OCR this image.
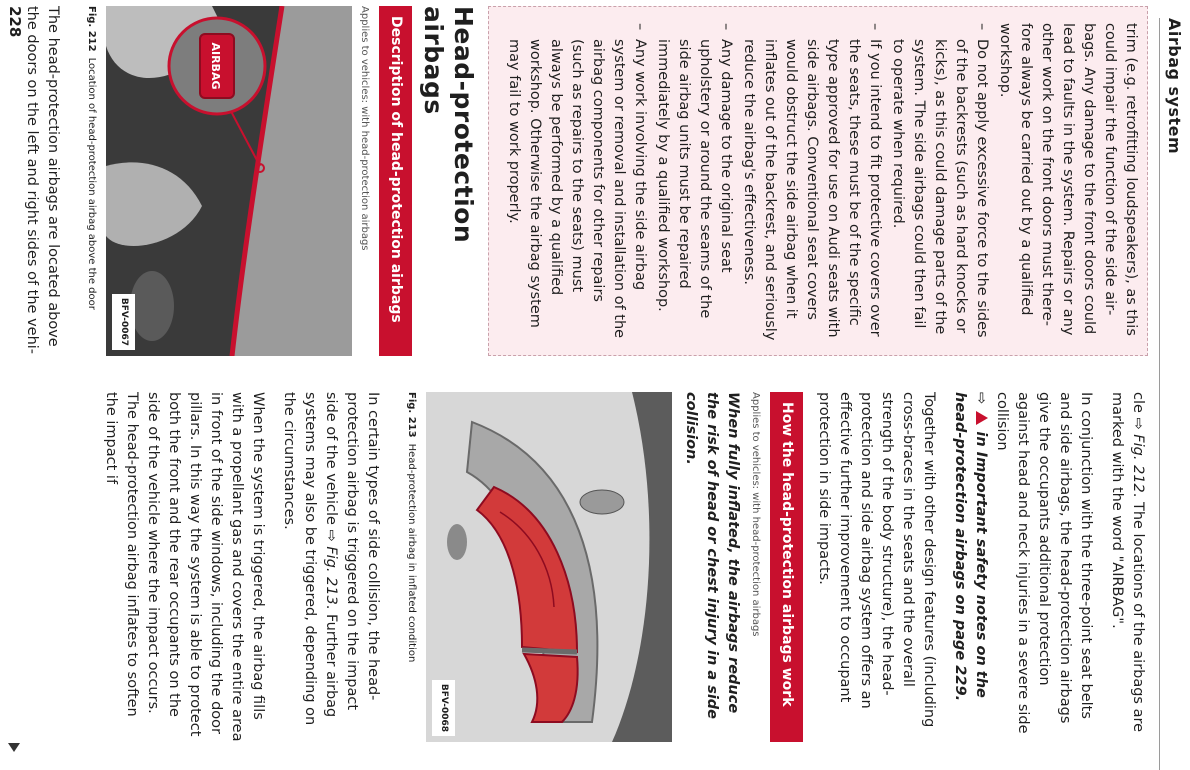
Airbag system

trim (e.g. retrofitting loudspeakers), as this could impair the function of the side airbags. Any damage to the front doors could lead to faults in the system. Repairs or any other work on the front doors must therefore always be carried out by a qualified workshop.

– Do not apply excessive force to the sides of the backrests (such as hard knocks or kicks), as this could damage parts of the system. The side airbags could then fail to operate when required.

– If you intend to fit protective covers over the seats, these must be of the specific type approved for use on Audi seats with side airbags. Conventional seat covers would obstruct the side airbag when it inflates out of the backrest, and seriously reduce the airbag's effectiveness.

– Any damage to the original seat upholstery or around the seams of the side airbag units must be repaired immediately by a qualified workshop.

– Any work involving the side airbag system or removal and installation of the airbag components for other repairs (such as repairs to the seats) must always be performed by a qualified workshop. Otherwise the airbag system may fail to work properly.

Head-protection airbags
Description of head-protection airbags
Applies to vehicles: with head-protection airbags
AIRBAG
BFV-0067
Fig. 212Location of head-protection airbag above the door

The head-protection airbags are located above the doors on the left and right sides of the vehi-

cle ⇨ Fig. 212. The locations of the airbags are marked with the word "AIRBAG".

In conjunction with the three-point seat belts and side airbags, the head-protection airbags give the occupants additional protection against head and neck injuries in a severe side collision
⇨  in Important safety notes on the head-protection airbags on page 229.

Together with other design features (including cross-braces in the seats and the overall strength of the body structure), the head-protection and side airbag system offers an effective further improvement to occupant protection in side impacts.

How the head-protection airbags work
Applies to vehicles: with head-protection airbags

When fully inflated, the airbags reduce the risk of head or chest injury in a side collision.

BFV-0068
Fig. 213Head-protection airbag in inflated condition

In certain types of side collision, the head-protection airbag is triggered on the impact side of the vehicle ⇨ Fig. 213. Further airbag systems may also be triggered, depending on the circumstances.

When the system is triggered, the airbag fills with a propellant gas and covers the entire area in front of the side windows, including the door pillars. In this way the system is able to protect both the front and the rear occupants on the side of the vehicle where the impact occurs. The head-protection airbag inflates to soften the impact if

228
